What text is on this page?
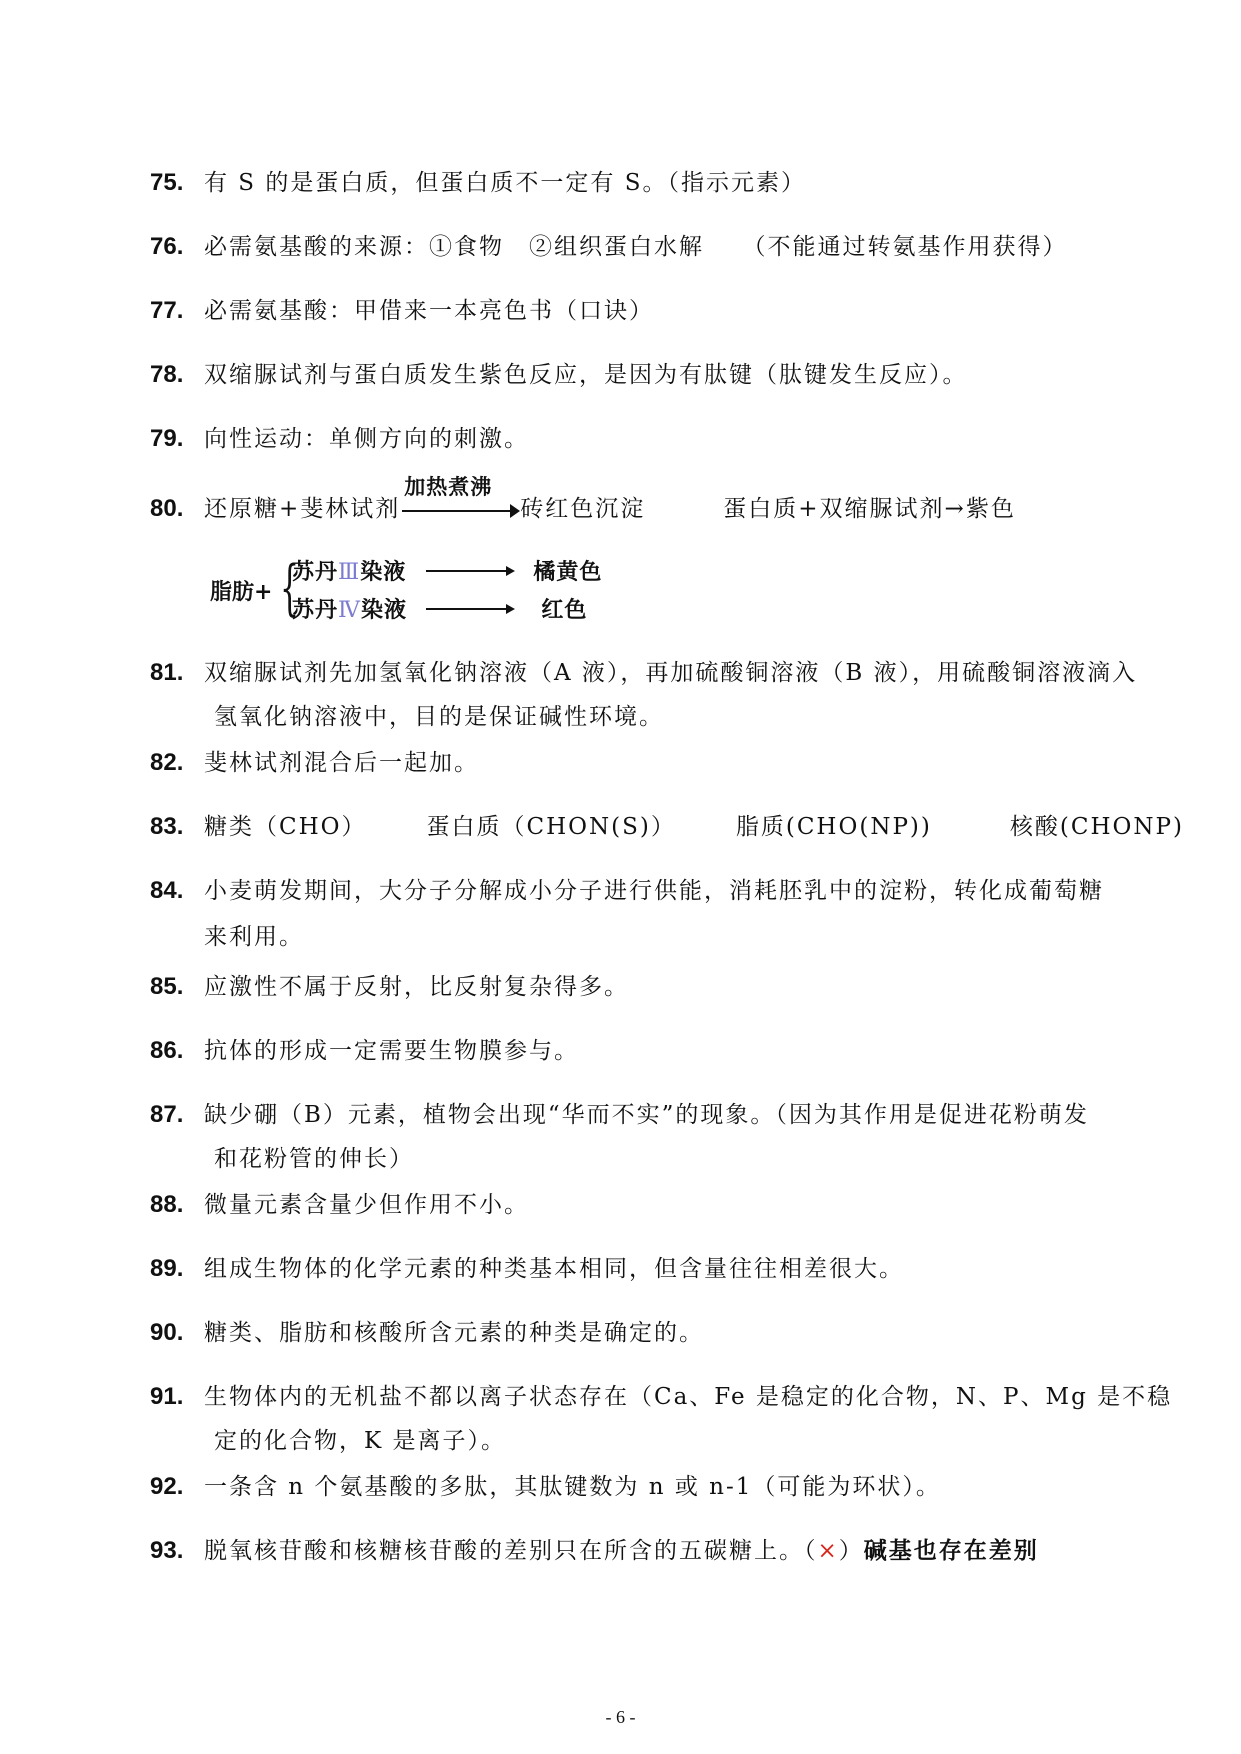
75. 有 S 的是蛋白质，但蛋白质不一定有 S。（指示元素）
76. 必需氨基酸的来源：①食物　②组织蛋白水解　　（不能通过转氨基作用获得）
77. 必需氨基酸：甲借来一本亮色书（口诀）
78. 双缩脲试剂与蛋白质发生紫色反应，是因为有肽键（肽键发生反应）。
79. 向性运动：单侧方向的刺激。
80. 还原糖+斐林试剂
加热煮沸
砖红色沉淀	蛋白质+双缩脲试剂→紫色
脂肪+ {
苏丹Ⅲ染液	橘黄色
苏丹Ⅳ染液	红色
81. 双缩脲试剂先加氢氧化钠溶液（A 液），再加硫酸铜溶液（B 液），用硫酸铜溶液滴入
氢氧化钠溶液中，目的是保证碱性环境。
82. 斐林试剂混合后一起加。
83. 糖类（CHO）	蛋白质（CHON(S)）	脂质(CHO(NP))	核酸(CHONP)
84. 小麦萌发期间，大分子分解成小分子进行供能，消耗胚乳中的淀粉，转化成葡萄糖
来利用。
85. 应激性不属于反射，比反射复杂得多。
86. 抗体的形成一定需要生物膜参与。
87. 缺少硼（B）元素，植物会出现“华而不实”的现象。（因为其作用是促进花粉萌发
和花粉管的伸长）
88. 微量元素含量少但作用不小。
89. 组成生物体的化学元素的种类基本相同，但含量往往相差很大。
90. 糖类、脂肪和核酸所含元素的种类是确定的。
91. 生物体内的无机盐不都以离子状态存在（Ca、Fe 是稳定的化合物，N、P、Mg 是不稳
定的化合物，K 是离子）。
92. 一条含 n 个氨基酸的多肽，其肽键数为 n 或 n-1（可能为环状）。
93. 脱氧核苷酸和核糖核苷酸的差别只在所含的五碳糖上。（×）碱基也存在差别
- 6 -
